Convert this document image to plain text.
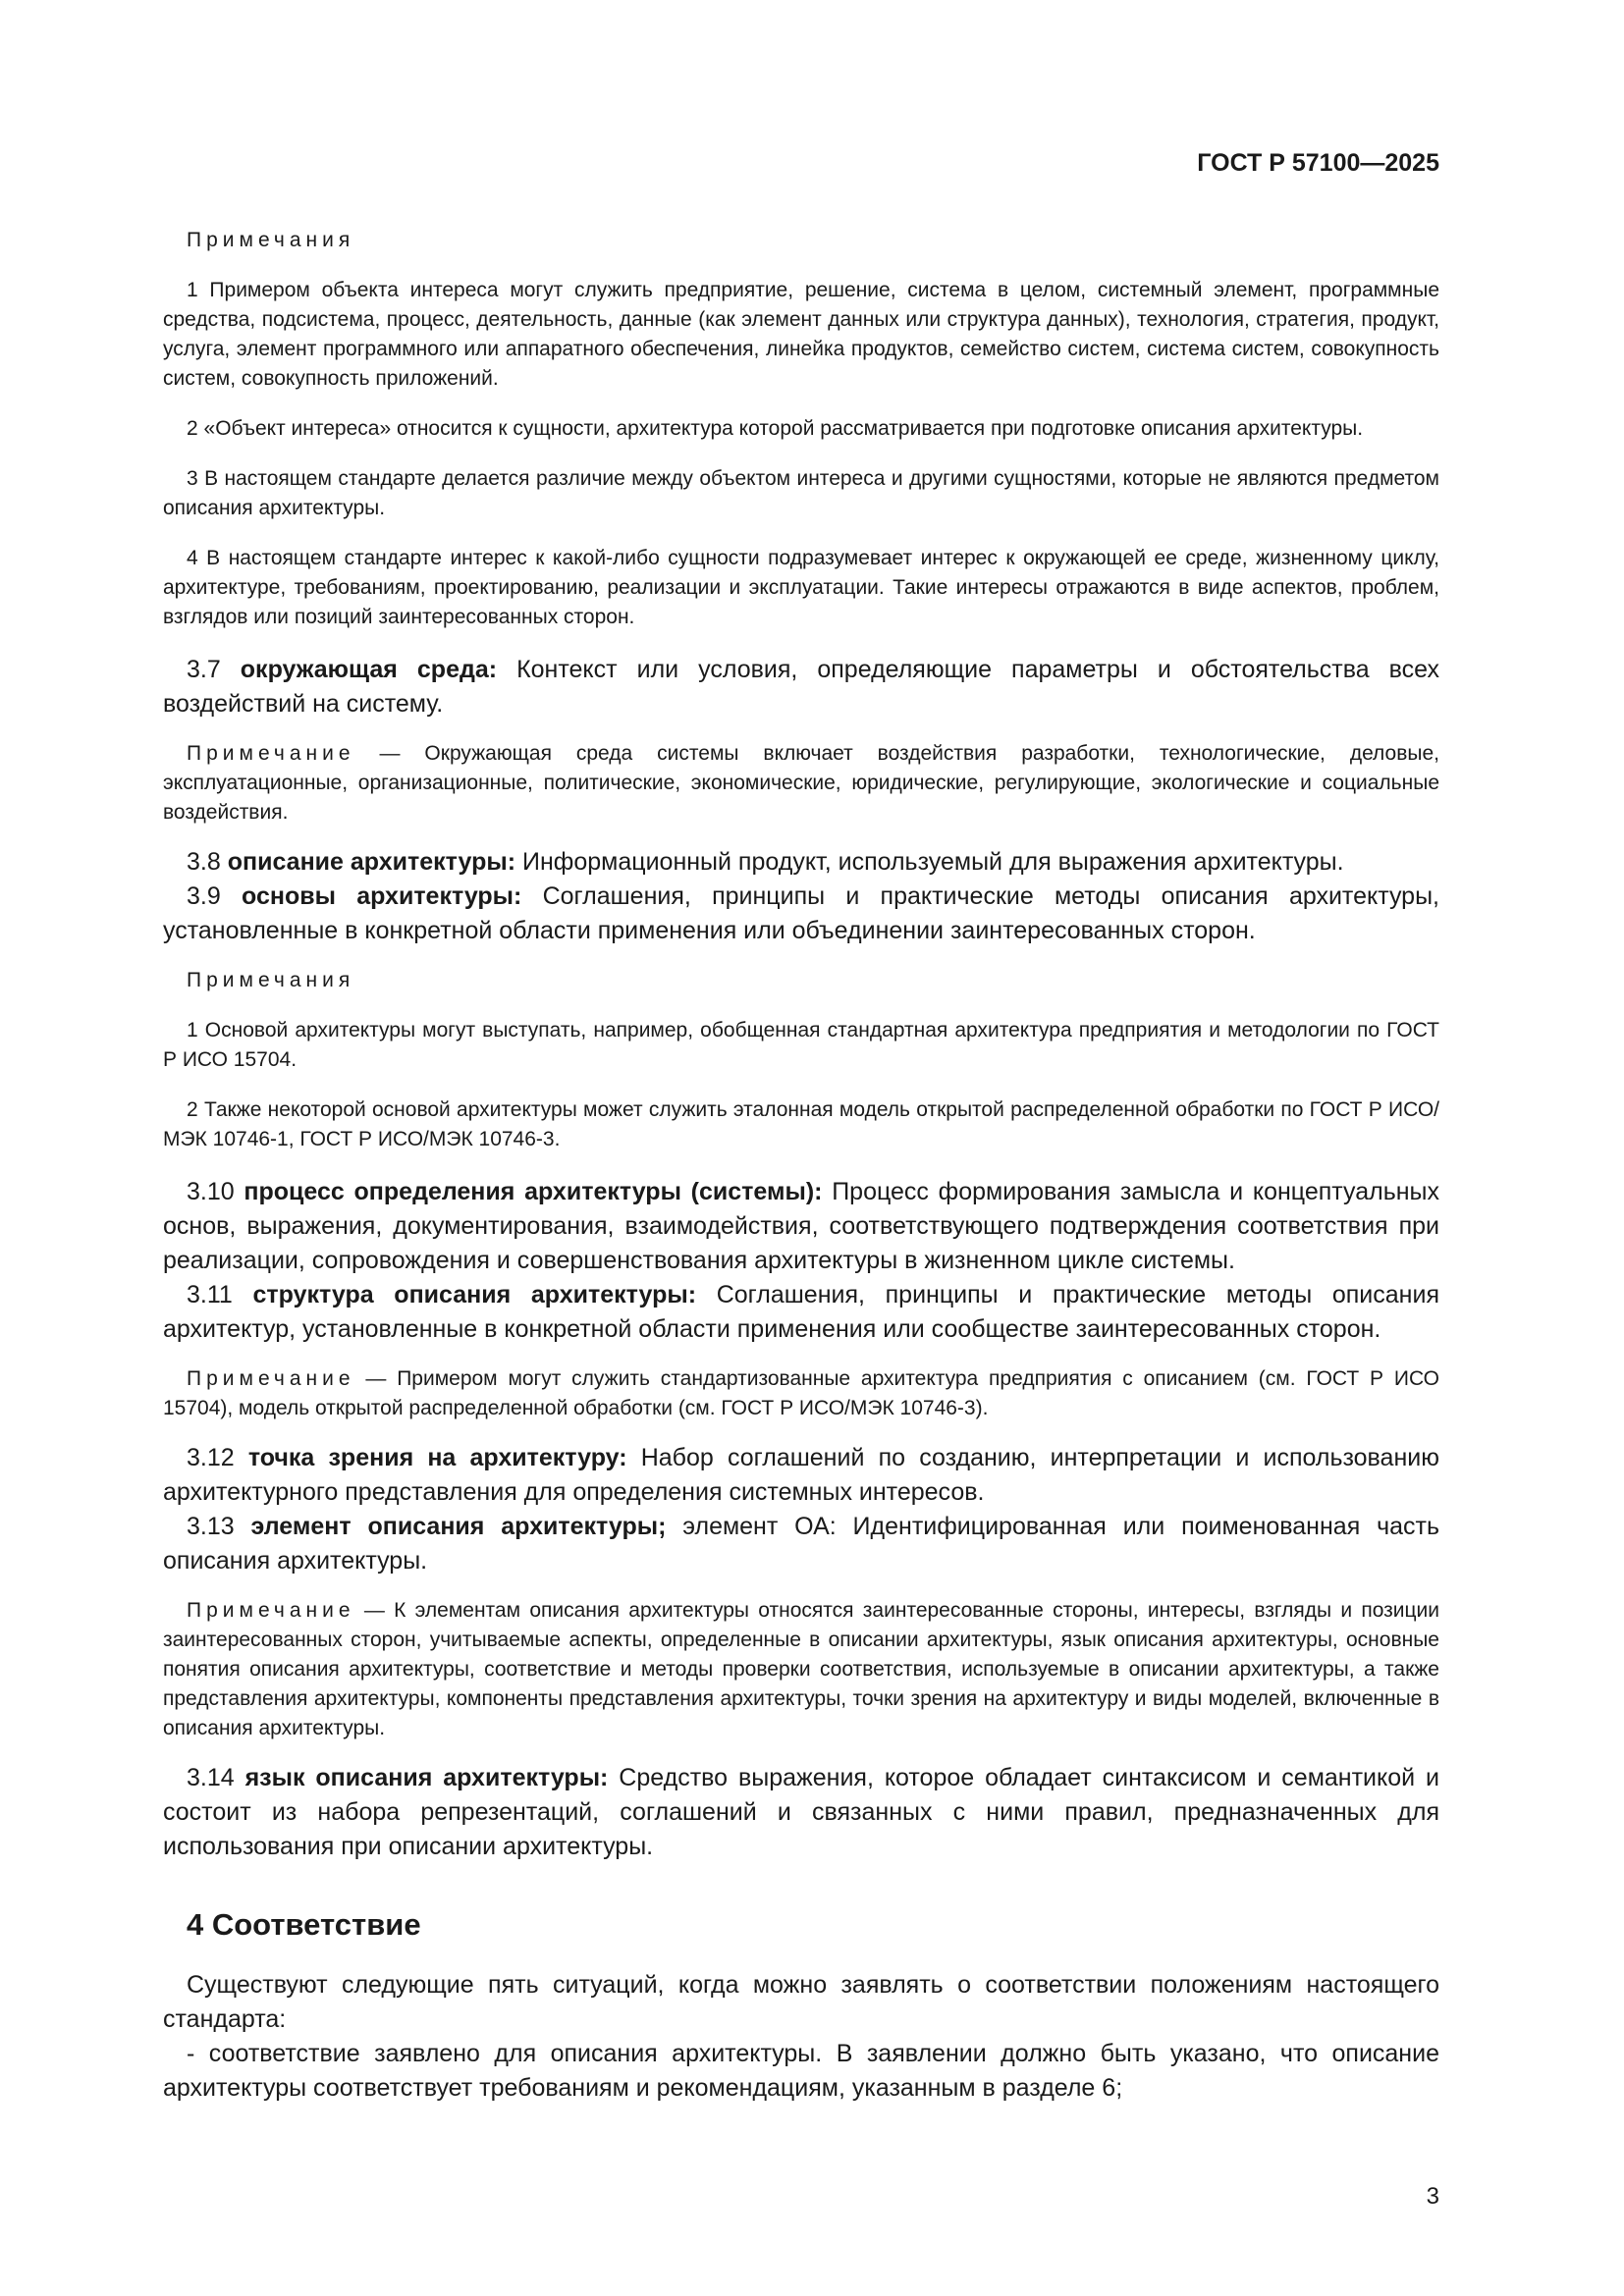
ГОСТ Р 57100—2025
Примечания

1 Примером объекта интереса могут служить предприятие, решение, система в целом, системный элемент, программные средства, подсистема, процесс, деятельность, данные (как элемент данных или структура данных), технология, стратегия, продукт, услуга, элемент программного или аппаратного обеспечения, линейка продуктов, семейство систем, система систем, совокупность систем, совокупность приложений.

2 «Объект интереса» относится к сущности, архитектура которой рассматривается при подготовке описания архитектуры.

3 В настоящем стандарте делается различие между объектом интереса и другими сущностями, которые не являются предметом описания архитектуры.

4 В настоящем стандарте интерес к какой-либо сущности подразумевает интерес к окружающей ее среде, жизненному циклу, архитектуре, требованиям, проектированию, реализации и эксплуатации. Такие интересы отражаются в виде аспектов, проблем, взглядов или позиций заинтересованных сторон.

3.7 окружающая среда: Контекст или условия, определяющие параметры и обстоятельства всех воздействий на систему.

Примечание — Окружающая среда системы включает воздействия разработки, технологические, деловые, эксплуатационные, организационные, политические, экономические, юридические, регулирующие, экологические и социальные воздействия.

3.8 описание архитектуры: Информационный продукт, используемый для выражения архитектуры.

3.9 основы архитектуры: Соглашения, принципы и практические методы описания архитектуры, установленные в конкретной области применения или объединении заинтересованных сторон.

Примечания

1 Основой архитектуры могут выступать, например, обобщенная стандартная архитектура предприятия и методологии по ГОСТ Р ИСО 15704.

2 Также некоторой основой архитектуры может служить эталонная модель открытой распределенной обработки по ГОСТ Р ИСО/МЭК 10746-1, ГОСТ Р ИСО/МЭК 10746-3.

3.10 процесс определения архитектуры (системы): Процесс формирования замысла и концептуальных основ, выражения, документирования, взаимодействия, соответствующего подтверждения соответствия при реализации, сопровождения и совершенствования архитектуры в жизненном цикле системы.

3.11 структура описания архитектуры: Соглашения, принципы и практические методы описания архитектур, установленные в конкретной области применения или сообществе заинтересованных сторон.

Примечание — Примером могут служить стандартизованные архитектура предприятия с описанием (см. ГОСТ Р ИСО 15704), модель открытой распределенной обработки (см. ГОСТ Р ИСО/МЭК 10746-3).

3.12 точка зрения на архитектуру: Набор соглашений по созданию, интерпретации и использованию архитектурного представления для определения системных интересов.

3.13 элемент описания архитектуры; элемент ОА: Идентифицированная или поименованная часть описания архитектуры.

Примечание — К элементам описания архитектуры относятся заинтересованные стороны, интересы, взгляды и позиции заинтересованных сторон, учитываемые аспекты, определенные в описании архитектуры, язык описания архитектуры, основные понятия описания архитектуры, соответствие и методы проверки соответствия, используемые в описании архитектуры, а также представления архитектуры, компоненты представления архитектуры, точки зрения на архитектуру и виды моделей, включенные в описания архитектуры.

3.14 язык описания архитектуры: Средство выражения, которое обладает синтаксисом и семантикой и состоит из набора репрезентаций, соглашений и связанных с ними правил, предназначенных для использования при описании архитектуры.

4 Соответствие

Существуют следующие пять ситуаций, когда можно заявлять о соответствии положениям настоящего стандарта:

- соответствие заявлено для описания архитектуры. В заявлении должно быть указано, что описание архитектуры соответствует требованиям и рекомендациям, указанным в разделе 6;

3
